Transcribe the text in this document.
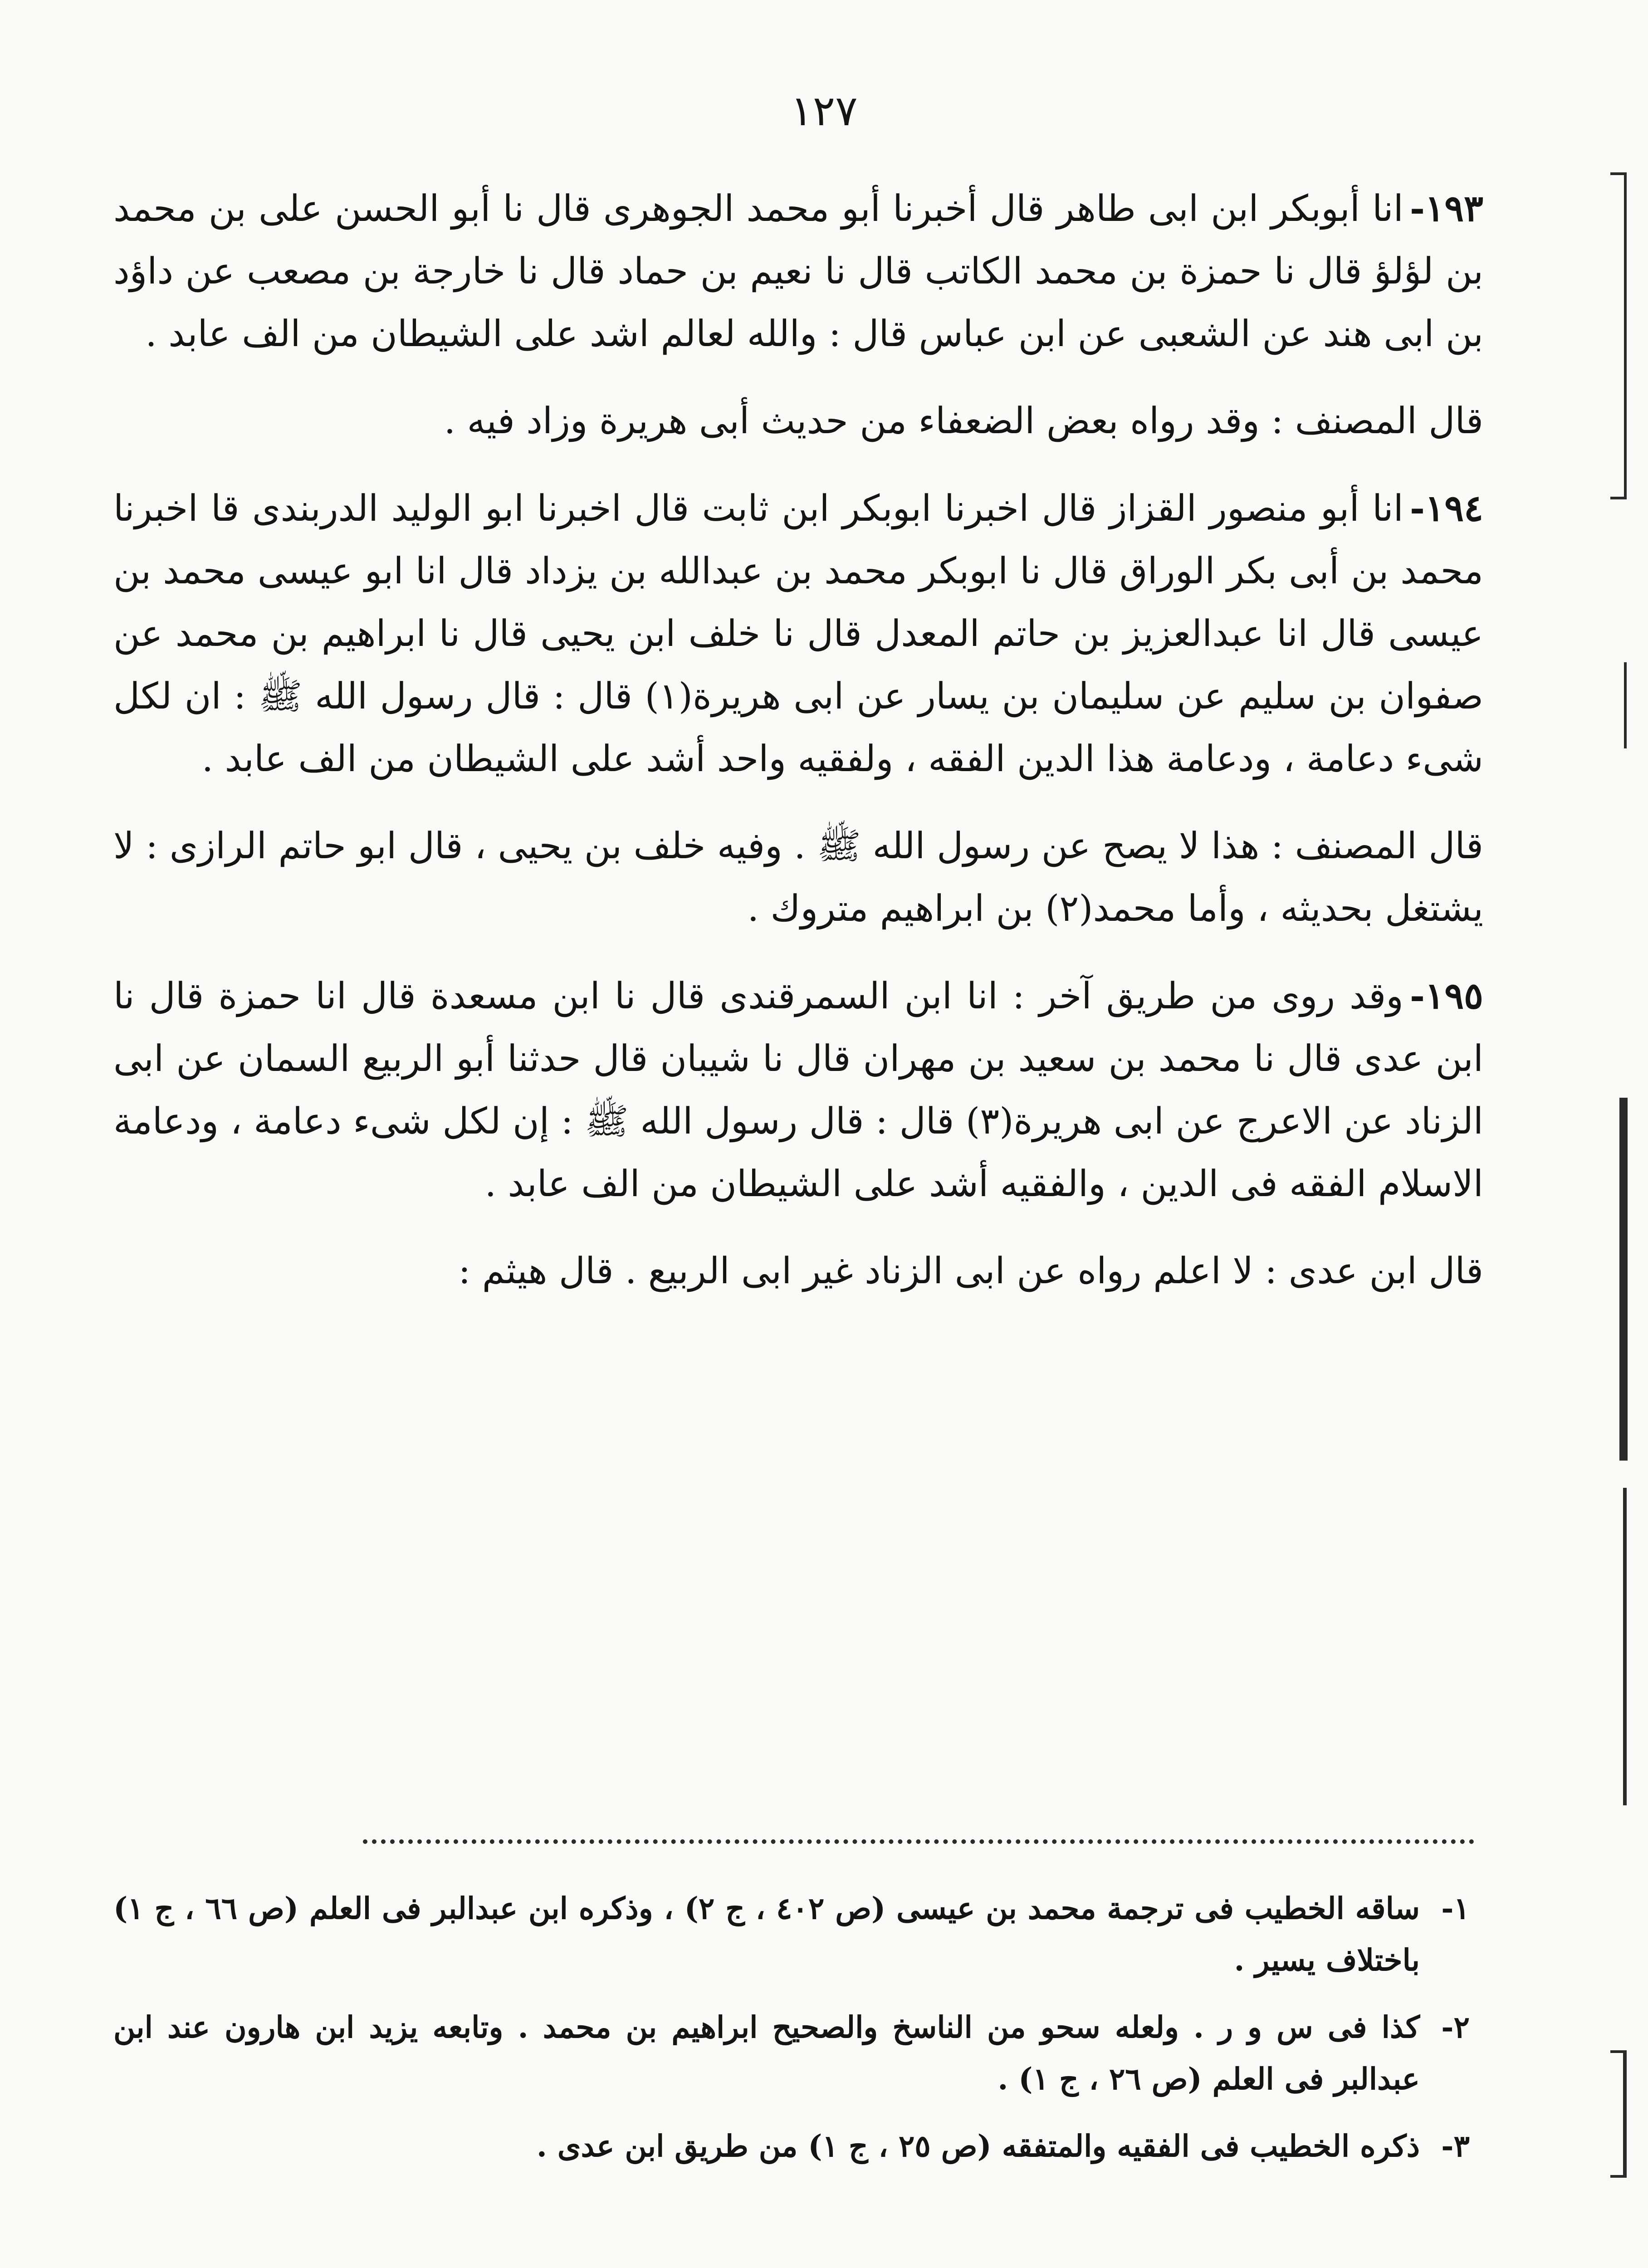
١٢٧

١٩٣-انا أبوبكر ابن ابى طاهر قال أخبرنا أبو محمد الجوهرى قال نا أبو الحسن على بن محمد بن لؤلؤ قال نا حمزة بن محمد الكاتب قال نا نعيم بن حماد قال نا خارجة بن مصعب عن داؤد بن ابى هند عن الشعبى عن ابن عباس قال : والله لعالم اشد على الشيطان من الف عابد .

قال المصنف : وقد رواه بعض الضعفاء من حديث أبى هريرة وزاد فيه .

١٩٤-انا أبو منصور القزاز قال اخبرنا ابوبكر ابن ثابت قال اخبرنا ابو الوليد الدربندى قا اخبرنا محمد بن أبى بكر الوراق قال نا ابوبكر محمد بن عبدالله بن يزداد قال انا ابو عيسى محمد بن عيسى قال انا عبدالعزيز بن حاتم المعدل قال نا خلف ابن يحيى قال نا ابراهيم بن محمد عن صفوان بن سليم عن سليمان بن يسار عن ابى هريرة(١) قال : قال رسول الله ﷺ : ان لكل شىء دعامة ، ودعامة هذا الدين الفقه ، ولفقيه واحد أشد على الشيطان من الف عابد .

قال المصنف : هذا لا يصح عن رسول الله ﷺ . وفيه خلف بن يحيى ، قال ابو حاتم الرازى : لا يشتغل بحديثه ، وأما محمد(٢) بن ابراهيم متروك .

١٩٥-وقد روى من طريق آخر : انا ابن السمرقندى قال نا ابن مسعدة قال انا حمزة قال نا ابن عدى قال نا محمد بن سعيد بن مهران قال نا شيبان قال حدثنا أبو الربيع السمان عن ابى الزناد عن الاعرج عن ابى هريرة(٣) قال : قال رسول الله ﷺ : إن لكل شىء دعامة ، ودعامة الاسلام الفقه فى الدين ، والفقيه أشد على الشيطان من الف عابد .

قال ابن عدى : لا اعلم رواه عن ابى الزناد غير ابى الربيع . قال هيثم :

١-
ساقه الخطيب فى ترجمة محمد بن عيسى (ص ٤٠٢ ، ج ٢) ، وذكره ابن عبدالبر فى العلم (ص ٦٦ ، ج ١) باختلاف يسير .

٢-
كذا فى س و ر . ولعله سحو من الناسخ والصحيح ابراهيم بن محمد . وتابعه يزيد ابن هارون عند ابن عبدالبر فى العلم (ص ٢٦ ، ج ١) .

٣-
ذكره الخطيب فى الفقيه والمتفقه (ص ٢٥ ، ج ١) من طريق ابن عدى .
